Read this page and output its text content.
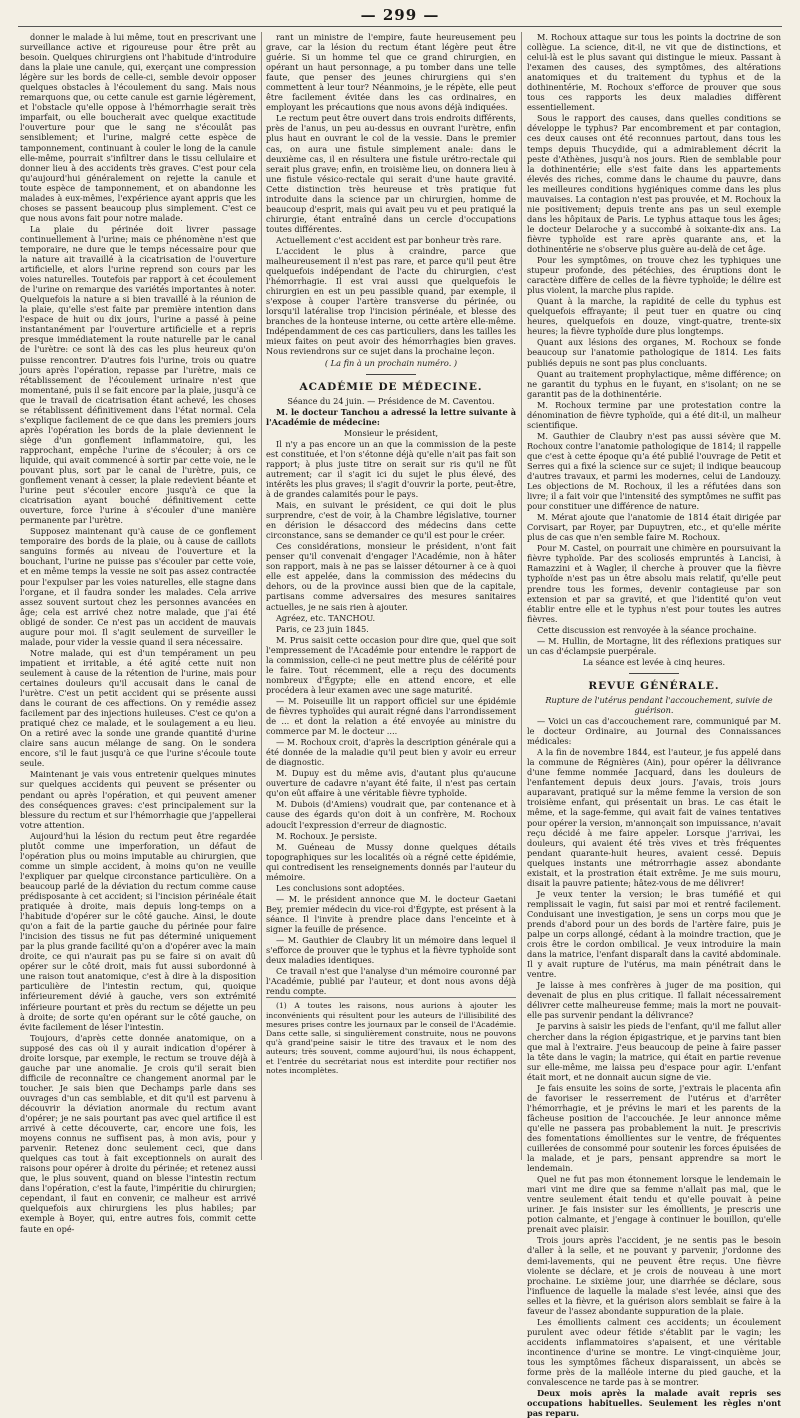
— 299 —

donner le malade à lui même, tout en prescrivant une surveillance active et rigoureuse pour être prêt au besoin. Quelques chirurgiens ont l'habitude d'introduire dans la plaie une canule, qui, exerçant une compression légère sur les bords de celle-ci, semble devoir opposer quelques obstacles à l'écoulement du sang. Mais nous remarquons que, ou cette canule est garnie légèrement, et l'obstacle qu'elle oppose à l'hémorrhagie serait très imparfait, ou elle boucherait avec quelque exactitude l'ouverture pour que le sang ne s'écoulât pas sensiblement; et l'urine, malgré cette espèce de tamponnement, continuant à couler le long de la canule elle-même, pourrait s'infiltrer dans le tissu cellulaire et donner lieu à des accidents très graves. C'est pour cela qu'aujourd'hui généralement on rejette la canule et toute espèce de tamponnement, et on abandonne les malades à eux-mêmes, l'expérience ayant appris que les choses se passent beaucoup plus simplement. C'est ce que nous avons fait pour notre malade.

La plaie du périnée doit livrer passage continuellement à l'urine; mais ce phénomène n'est que temporaire, ne dure que le temps nécessaire pour que la nature ait travaillé à la cicatrisation de l'ouverture artificielle, et alors l'urine reprend son cours par les voies naturelles. Toutefois par rapport à cet écoulement de l'urine on remarque des variétés importantes à noter. Quelquefois la nature a si bien travaillé à la réunion de la plaie, qu'elle s'est faite par première intention dans l'espace de huit ou dix jours, l'urine a passé à peine instantanément par l'ouverture artificielle et a repris presque immédiatement la route naturelle par le canal de l'urètre: ce sont là des cas les plus heureux qu'on puisse rencontrer. D'autres fois l'urine, trois ou quatre jours après l'opération, repasse par l'urètre, mais ce rétablissement de l'écoulement urinaire n'est que momentané, puis il se fait encore par la plaie, jusqu'à ce que le travail de cicatrisation étant achevé, les choses se rétablissent définitivement dans l'état normal. Cela s'explique facilement de ce que dans les premiers jours après l'opération les bords de la plaie deviennent le siège d'un gonflement inflammatoire, qui, les rapprochant, empêche l'urine de s'écouler; à ors ce liquide, qui avait commencé à sortir par cette voie, ne le pouvant plus, sort par le canal de l'urètre, puis, ce gonflement venant à cesser, la plaie redevient béante et l'urine peut s'écouler encore jusqu'à ce que la cicatrisation ayant bouché définitivement cette ouverture, force l'urine à s'écouler d'une manière permanente par l'urètre.

Supposez maintenant qu'à cause de ce gonflement temporaire des bords de la plaie, ou à cause de caillots sanguins formés au niveau de l'ouverture et la bouchant, l'urine ne puisse pas s'écouler par cette voie, et en même temps la vessie ne soit pas assez contractée pour l'expulser par les voies naturelles, elle stagne dans l'organe, et il faudra sonder les malades. Cela arrive assez souvent surtout chez les personnes avancées en âge; cela est arrivé chez notre malade, que j'ai été obligé de sonder. Ce n'est pas un accident de mauvais augure pour moi. Il s'agit seulement de surveiller le malade, pour vider la vessie quand il sera nécessaire.

Notre malade, qui est d'un tempérament un peu impatient et irritable, a été agité cette nuit non seulement à cause de la rétention de l'urine, mais pour certaines douleurs qu'il accusait dans le canal de l'urètre. C'est un petit accident qui se présente aussi dans le courant de ces affections. On y remédie assez facilement par des injections huileuses. C'est ce qu'on a pratiqué chez ce malade, et le soulagement a eu lieu. On a retiré avec la sonde une grande quantité d'urine claire sans aucun mélange de sang. On le sondera encore, s'il le faut jusqu'à ce que l'urine s'écoule toute seule.

Maintenant je vais vous entretenir quelques minutes sur quelques accidents qui peuvent se présenter ou pendant ou après l'opération, et qui peuvent amener des conséquences graves: c'est principalement sur la blessure du rectum et sur l'hémorrhagie que j'appellerai votre attention.

Aujourd'hui la lésion du rectum peut être regardée plutôt comme une imperforation, un défaut de l'opération plus ou moins imputable au chirurgien, que comme un simple accident, à moins qu'on ne veuille l'expliquer par quelque circonstance particulière. On a beaucoup parlé de la déviation du rectum comme cause prédisposante à cet accident; si l'incision périnéale était pratiquée à droite, mais depuis long-temps on a l'habitude d'opérer sur le côté gauche. Ainsi, le doute qu'on a fait de la partie gauche du périnée pour faire l'incision des tissus ne fut pas déterminé uniquement par la plus grande facilité qu'on a d'opérer avec la main droite, ce qui n'aurait pas pu se faire si on avait dû opérer sur le côté droit, mais fut aussi subordonné à une raison tout anatomique, c'est à dire à la disposition particulière de l'intestin rectum, qui, quoique inférieurement dévié à gauche, vers son extrémité inférieure pourtant et près du rectum se déjette un peu à droite; de sorte qu'en opérant sur le côté gauche, on évite facilement de léser l'intestin.

Toujours, d'après cette donnée anatomique, on a supposé des cas où il y aurait indication d'opérer à droite lorsque, par exemple, le rectum se trouve déjà à gauche par une anomalie. Je crois qu'il serait bien difficile de reconnaître ce changement anormal par le toucher. Je sais bien que Dechamps parle dans ses ouvrages d'un cas semblable, et dit qu'il est parvenu à découvrir la déviation anormale du rectum avant d'opérer; je ne sais pourtant pas avec quel artifice il est arrivé à cette découverte, car, encore une fois, les moyens connus ne suffisent pas, à mon avis, pour y parvenir. Retenez donc seulement ceci, que dans quelques cas tout à fait exceptionnels on aurait des raisons pour opérer à droite du périnée; et retenez aussi que, le plus souvent, quand on blesse l'intestin rectum dans l'opération, c'est la faute, l'impéritie du chirurgien; cependant, il faut en convenir, ce malheur est arrivé quelquefois aux chirurgiens les plus habiles; par exemple à Boyer, qui, entre autres fois, commit cette faute en opé-

rant un ministre de l'empire, faute heureusement peu grave, car la lésion du rectum étant légère peut être guérie. Si un homme tel que ce grand chirurgien, en opérant un haut personnage, a pu tomber dans une telle faute, que penser des jeunes chirurgiens qui s'en commettent à leur tour? Néanmoins, je le répète, elle peut être facilement évitée dans les cas ordinaires, en employant les précautions que nous avons déjà indiquées.

Le rectum peut être ouvert dans trois endroits différents, près de l'anus, un peu au-dessus en ouvrant l'urètre, enfin plus haut en ouvrant le col de la vessie. Dans le premier cas, on aura une fistule simplement anale: dans le deuxième cas, il en résultera une fistule urétro-rectale qui serait plus grave; enfin, en troisième lieu, on donnera lieu à une fistule vésico-rectale qui serait d'une haute gravité. Cette distinction très heureuse et très pratique fut introduite dans la science par un chirurgien, homme de beaucoup d'esprit, mais qui avait peu vu et peu pratiqué la chirurgie, étant entraîné dans un cercle d'occupations toutes différentes.

Actuellement c'est accident est par bonheur très rare.

L'accident le plus à craindre, parce que malheureusement il n'est pas rare, et parce qu'il peut être quelquefois indépendant de l'acte du chirurgien, c'est l'hémorrhagie. Il est vrai aussi que quelquefois le chirurgien en est un peu passible quand, par exemple, il s'expose à couper l'artère transverse du périnée, ou lorsqu'il latéralise trop l'incision périnéale, et blesse des branches de la honteuse interne, ou cette artère elle-même. Indépendamment de ces cas particuliers, dans les tailles les mieux faites on peut avoir des hémorrhagies bien graves. Nous reviendrons sur ce sujet dans la prochaine leçon.

( La fin à un prochain numéro. )

ACADÉMIE DE MÉDECINE.

Séance du 24 juin. — Présidence de M. Caventou.

M. le docteur Tanchou a adressé la lettre suivante à l'Académie de médecine:

Monsieur le président,

Il n'y a pas encore un an que la commission de la peste est constituée, et l'on s'étonne déjà qu'elle n'ait pas fait son rapport; à plus juste titre on serait sur ris qu'il ne fût autrement; car il s'agit ici du sujet le plus élevé, des intérêts les plus graves; il s'agit d'ouvrir la porte, peut-être, à de grandes calamités pour le pays.

Mais, en suivant le président, ce qui doit le plus surprendre, c'est de voir, à la Chambre législative, tourner en dérision le désaccord des médecins dans cette circonstance, sans se demander ce qu'il est pour le créer.

Ces considérations, monsieur le président, n'ont fait penser qu'il convenait d'engager l'Académie, non à hâter son rapport, mais à ne pas se laisser détourner à ce à quoi elle est appelée, dans la commission des médecins du dehors, ou de la province aussi bien que de la capitale, partisans comme adversaires des mesures sanitaires actuelles, je ne sais rien à ajouter.

Agréez, etc. TANCHOU.

Paris, ce 23 juin 1845.

M. Prus saisit cette occasion pour dire que, quel que soit l'empressement de l'Académie pour entendre le rapport de la commission, celle-ci ne peut mettre plus de célérité pour le faire. Tout récemment, elle a reçu des documents nombreux d'Égypte; elle en attend encore, et elle procédera à leur examen avec une sage maturité.

— M. Poiseuille lit un rapport officiel sur une épidémie de fièvres typhoïdes qui aurait régné dans l'arrondissement de ... et dont la relation a été envoyée au ministre du commerce par M. le docteur ....

— M. Rochoux croit, d'après la description générale qui a été donnée de la maladie qu'il peut bien y avoir eu erreur de diagnostic.

M. Dupuy est du même avis, d'autant plus qu'aucune ouverture de cadavre n'ayant été faite, il n'est pas certain qu'on eût affaire à une véritable fièvre typhoïde.

M. Dubois (d'Amiens) voudrait que, par contenance et à cause des égards qu'on doit à un confrère, M. Rochoux adoucît l'expression d'erreur de diagnostic.

M. Rochoux. Je persiste.

M. Guéneau de Mussy donne quelques détails topographiques sur les localités où a régné cette épidémie, qui contredisent les renseignements donnés par l'auteur du mémoire.

Les conclusions sont adoptées.

— M. le président annonce que M. le docteur Gaetani Bey, premier médecin du vice-roi d'Égypte, est présent à la séance. Il l'invite à prendre place dans l'enceinte et à signer la feuille de présence.

— M. Gauthier de Claubry lit un mémoire dans lequel il s'efforce de prouver que le typhus et la fièvre typhoïde sont deux maladies identiques.

Ce travail n'est que l'analyse d'un mémoire couronné par l'Académie, publié par l'auteur, et dont nous avons déjà rendu compte.

(1) A toutes les raisons, nous aurions à ajouter les inconvénients qui résultent pour les auteurs de l'illisibilité des mesures prises contre les journaux par le conseil de l'Académie. Dans cette salle, si singulièrement construite, nous ne pouvons qu'à grand'peine saisir le titre des travaux et le nom des auteurs; très souvent, comme aujourd'hui, ils nous échappent, et l'entrée du secrétariat nous est interdite pour rectifier nos notes incomplètes.

M. Rochoux attaque sur tous les points la doctrine de son collègue. La science, dit-il, ne vit que de distinctions, et celui-là est le plus savant qui distingue le mieux. Passant à l'examen des causes, des symptômes, des altérations anatomiques et du traitement du typhus et de la dothinentérie, M. Rochoux s'efforce de prouver que sous tous ces rapports les deux maladies diffèrent essentiellement.

Sous le rapport des causes, dans quelles conditions se développe le typhus? Par encombrement et par contagion, ces deux causes ont été reconnues partout, dans tous les temps depuis Thucydide, qui a admirablement décrit la peste d'Athènes, jusqu'à nos jours. Rien de semblable pour la dothinentérie; elle s'est faite dans les appartements élevés des riches, comme dans le chaume du pauvre, dans les meilleures conditions hygiéniques comme dans les plus mauvaises. La contagion n'est pas prouvée, et M. Rochoux la nie positivement; depuis trente ans pas un seul exemple dans les hôpitaux de Paris. Le typhus attaque tous les âges; le docteur Delaroche y a succombé à soixante-dix ans. La fièvre typhoïde est rare après quarante ans, et la dothinentérie ne s'observe plus guère au-delà de cet âge.

Pour les symptômes, on trouve chez les typhiques une stupeur profonde, des pétéchies, des éruptions dont le caractère diffère de celles de la fièvre typhoïde; le délire est plus violent, la marche plus rapide.

Quant à la marche, la rapidité de celle du typhus est quelquefois effrayante; il peut tuer en quatre ou cinq heures, quelquefois en douze, vingt-quatre, trente-six heures; la fièvre typhoïde dure plus longtemps.

Quant aux lésions des organes, M. Rochoux se fonde beaucoup sur l'anatomie pathologique de 1814. Les faits publiés depuis ne sont pas plus concluants.

Quant au traitement prophylactique, même différence; on ne garantit du typhus en le fuyant, en s'isolant; on ne se garantit pas de la dothinentérie.

M. Rochoux termine par une protestation contre la dénomination de fièvre typhoïde, qui a été dit-il, un malheur scientifique.

M. Gauthier de Claubry n'est pas aussi sévère que M. Rochoux contre l'anatomie pathologique de 1814; il rappelle que c'est à cette époque qu'a été publié l'ouvrage de Petit et Serres qui a fixé la science sur ce sujet; il indique beaucoup d'autres travaux, et parmi les modernes, celui de Landouzy. Les objections de M. Rochoux, il les a réfutées dans son livre; il a fait voir que l'intensité des symptômes ne suffit pas pour constituer une différence de nature.

M. Mérat ajoute que l'anatomie de 1814 était dirigée par Corvisart, par Royer, par Dupuytren, etc., et qu'elle mérite plus de cas que n'en semble faire M. Rochoux.

Pour M. Castel, on pourrait une chimère en poursuivant la fièvre typhoïde. Par des scoliosés empruntés à Lancisi, à Ramazzini et à Wagler, il cherche à prouver que la fièvre typhoïde n'est pas un être absolu mais relatif, qu'elle peut prendre tous les formes, devenir contagieuse par son extension et par sa gravité, et que l'identité qu'on veut établir entre elle et le typhus n'est pour toutes les autres fièvres.

Cette discussion est renvoyée à la séance prochaine.

— M. Hullin, de Mortagne, lit des réflexions pratiques sur un cas d'éclampsie puerpérale.

La séance est levée à cinq heures.

REVUE GÉNÉRALE.

Rupture de l'utérus pendant l'accouchement, suivie de guérison.

— Voici un cas d'accouchement rare, communiqué par M. le docteur Ordinaire, au Journal des Connaissances médicales:

A la fin de novembre 1844, est l'auteur, je fus appelé dans la commune de Régnières (Ain), pour opérer la délivrance d'une femme nommée Jacquard, dans les douleurs de l'enfantement depuis deux jours. J'avais, trois jours auparavant, pratiqué sur la même femme la version de son troisième enfant, qui présentait un bras. Le cas était le même, et la sage-femme, qui avait fait de vaines tentatives pour opérer la version, m'annonçait son impuissance, n'avait reçu décidé à me faire appeler. Lorsque j'arrivai, les douleurs, qui avaient été très vives et très fréquentes pendant quarante-huit heures, avaient cessé. Depuis quelques instants une métrorrhagie assez abondante existait, et la prostration était extrême. Je me suis mouru, disait la pauvre patiente; hâtez-vous de me délivrer!

Je veux tenter la version; le bras tuméfié et qui remplissait le vagin, fut saisi par moi et rentré facilement. Conduisant une investigation, je sens un corps mou que je prends d'abord pour un des bords de l'artère faire, puis je palpe un corps allongé, cédant à la moindre traction, que je crois être le cordon ombilical. Je veux introduire la main dans la matrice, l'enfant disparaît dans la cavité abdominale. Il y avait rupture de l'utérus, ma main pénétrait dans le ventre.

Je laisse à mes confrères à juger de ma position, qui devenait de plus en plus critique. Il fallait nécessairement délivrer cette malheureuse femme; mais la mort ne pouvait-elle pas survenir pendant la délivrance?

Je parvins à saisir les pieds de l'enfant, qu'il me fallut aller chercher dans la région épigastrique, et je parvins tant bien que mal à l'extraire. J'eus beaucoup de peine à faire passer la tête dans le vagin; la matrice, qui était en partie revenue sur elle-même, me laissa peu d'espace pour agir. L'enfant était mort, et ne donnait aucun signe de vie.

Je fais ensuite les soins de sorte, j'extrais le placenta afin de favoriser le resserrement de l'utérus et d'arrêter l'hémorrhagie, et je prévins le mari et les parents de la fâcheuse position de l'accouchée. Je leur annonce même qu'elle ne passera pas probablement la nuit. Je prescrivis des fomentations émollientes sur le ventre, de fréquentes cuillerées de consommé pour soutenir les forces épuisées de la malade, et je pars, pensant apprendre sa mort le lendemain.

Quel ne fut pas mon étonnement lorsque le lendemain le mari vint me dire que sa femme n'allait pas mal, que le ventre seulement était tendu et qu'elle pouvait à peine uriner. Je fais insister sur les émollients, je prescris une potion calmante, et j'engage à continuer le bouillon, qu'elle prenait avec plaisir.

Trois jours après l'accident, je ne sentis pas le besoin d'aller à la selle, et ne pouvant y parvenir, j'ordonne des demi-lavements, qui ne peuvent être reçus. Une fièvre violente se déclare, et je crois de nouveau à une mort prochaine. Le sixième jour, une diarrhée se déclare, sous l'influence de laquelle la malade s'est levée, ainsi que des selles et la fièvre, et la guérison alors semblait se faire à la faveur de l'assez abondante suppuration de la plaie.

Les émollients calment ces accidents; un écoulement purulent avec odeur fétide s'établit par le vagin; les accidents inflammatoires s'apaisent, et une véritable incontinence d'urine se montre. Le vingt-cinquième jour, tous les symptômes fâcheux disparaissent, un abcès se forme près de la malléole interne du pied gauche, et la convalescence ne tarde pas à se montrer.

Deux mois après la malade avait repris ses occupations habituelles. Seulement les règles n'ont pas reparu.
